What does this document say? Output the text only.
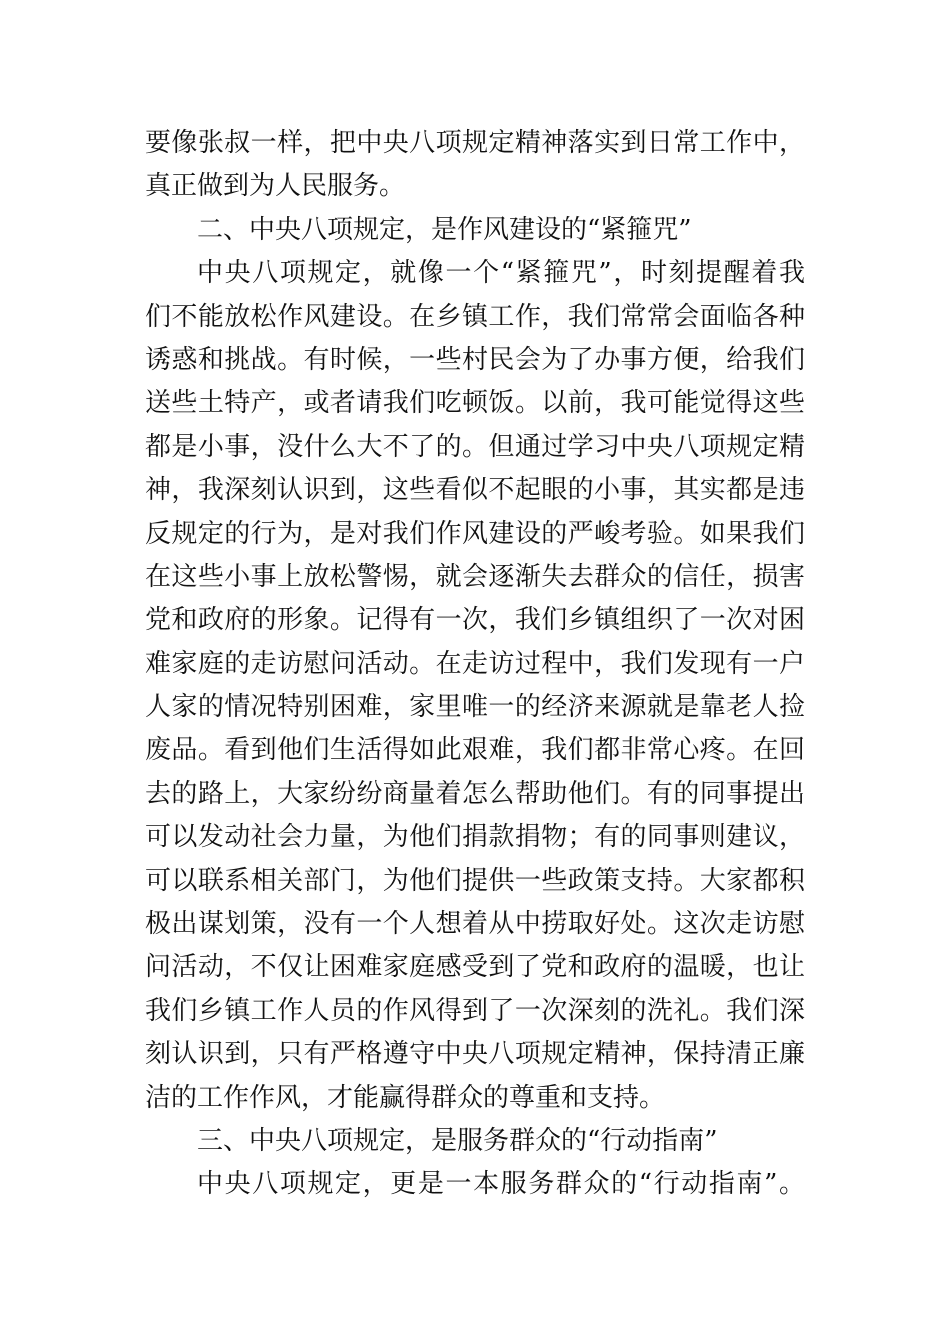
要像张叔一样，把中央八项规定精神落实到日常工作中，
真正做到为人民服务。
二、中央八项规定，是作风建设的“紧箍咒”
中央八项规定，就像一个“紧箍咒”，时刻提醒着我
们不能放松作风建设。在乡镇工作，我们常常会面临各种
诱惑和挑战。有时候，一些村民会为了办事方便，给我们
送些土特产，或者请我们吃顿饭。以前，我可能觉得这些
都是小事，没什么大不了的。但通过学习中央八项规定精
神，我深刻认识到，这些看似不起眼的小事，其实都是违
反规定的行为，是对我们作风建设的严峻考验。如果我们
在这些小事上放松警惕，就会逐渐失去群众的信任，损害
党和政府的形象。记得有一次，我们乡镇组织了一次对困
难家庭的走访慰问活动。在走访过程中，我们发现有一户
人家的情况特别困难，家里唯一的经济来源就是靠老人捡
废品。看到他们生活得如此艰难，我们都非常心疼。在回
去的路上，大家纷纷商量着怎么帮助他们。有的同事提出
可以发动社会力量，为他们捐款捐物；有的同事则建议，
可以联系相关部门，为他们提供一些政策支持。大家都积
极出谋划策，没有一个人想着从中捞取好处。这次走访慰
问活动，不仅让困难家庭感受到了党和政府的温暖，也让
我们乡镇工作人员的作风得到了一次深刻的洗礼。我们深
刻认识到，只有严格遵守中央八项规定精神，保持清正廉
洁的工作作风，才能赢得群众的尊重和支持。
三、中央八项规定，是服务群众的“行动指南”
中央八项规定，更是一本服务群众的“行动指南”。
